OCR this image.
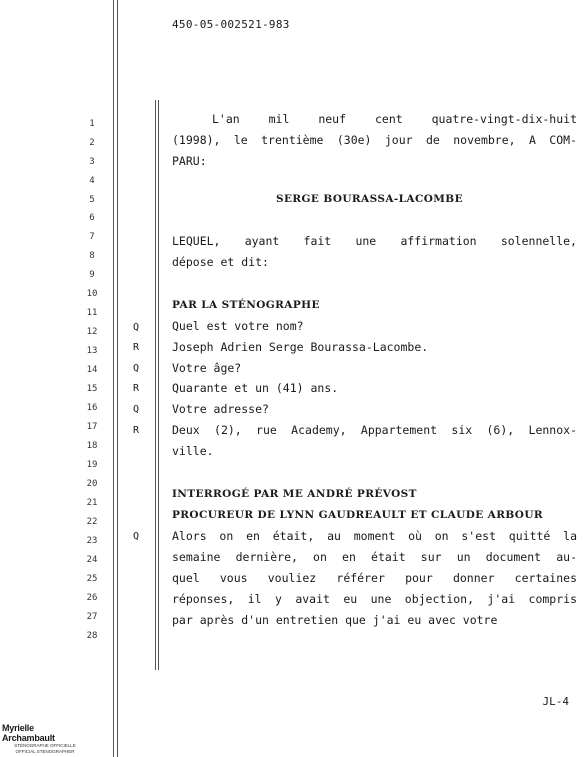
450-05-002521-983
1
2
3
4
5
6
7
8
9
10
11
12
13
14
15
16
17
18
19
20
21
22
23
24
25
26
27
28
Q
R
Q
R
Q
R
Q
L'an mil neuf cent quatre-vingt-dix-huit
(1998), le trentième (30e) jour de novembre, A COM-
PARU:
SERGE BOURASSA-LACOMBE
LEQUEL, ayant fait une affirmation solennelle,
dépose et dit:
PAR LA STÉNOGRAPHE
Quel est votre nom?
Joseph Adrien Serge Bourassa-Lacombe.
Votre âge?
Quarante et un (41) ans.
Votre adresse?
Deux (2), rue Academy, Appartement six (6), Lennox-
ville.
INTERROGÉ PAR ME ANDRÉ PRÉVOST
PROCUREUR DE LYNN GAUDREAULT ET CLAUDE ARBOUR
Alors on en était, au moment où on s'est quitté la
semaine dernière, on en était sur un document au-
quel vous vouliez référer pour donner certaines
réponses, il y avait eu une objection, j'ai compris
par après d'un entretien que j'ai eu avec votre
JL-4
Myrielle Archambault
STÉNOGRAPHE OFFICIELLE
OFFICIAL STENOGRAPHER
